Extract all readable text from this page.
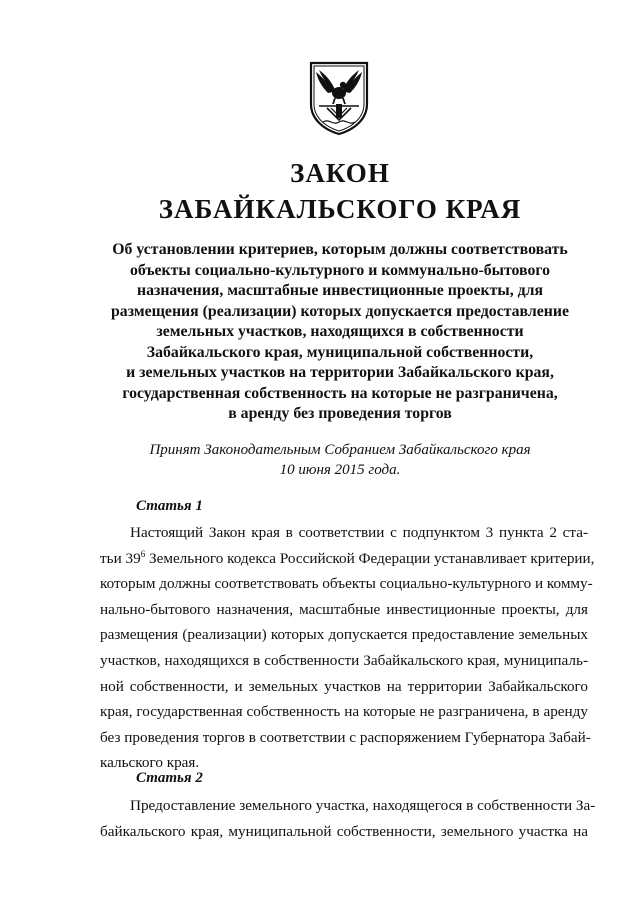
ЗАКОН
ЗАБАЙКАЛЬСКОГО КРАЯ
Об установлении критериев, которым должны соответствовать
объекты социально-культурного и коммунально-бытового
назначения, масштабные инвестиционные проекты, для
размещения (реализации) которых допускается предоставление
земельных участков, находящихся в собственности
Забайкальского края, муниципальной собственности,
и земельных участков на территории Забайкальского края,
государственная собственность на которые не разграничена,
в аренду без проведения торгов
Принят Законодательным Собранием Забайкальского края
10 июня 2015 года.
Статья 1
Настоящий Закон края в соответствии с подпунктом 3 пункта 2 ста-
тьи $39^6$ Земельного кодекса Российской Федерации устанавливает критерии,
которым должны соответствовать объекты социально-культурного и комму-
нально-бытового назначения, масштабные инвестиционные проекты, для
размещения (реализации) которых допускается предоставление земельных
участков, находящихся в собственности Забайкальского края, муниципаль-
ной собственности, и земельных участков на территории Забайкальского
края, государственная собственность на которые не разграничена, в аренду
без проведения торгов в соответствии с распоряжением Губернатора Забай-
кальского края.
Статья 2
Предоставление земельного участка, находящегося в собственности За-
байкальского края, муниципальной собственности, земельного участка на
